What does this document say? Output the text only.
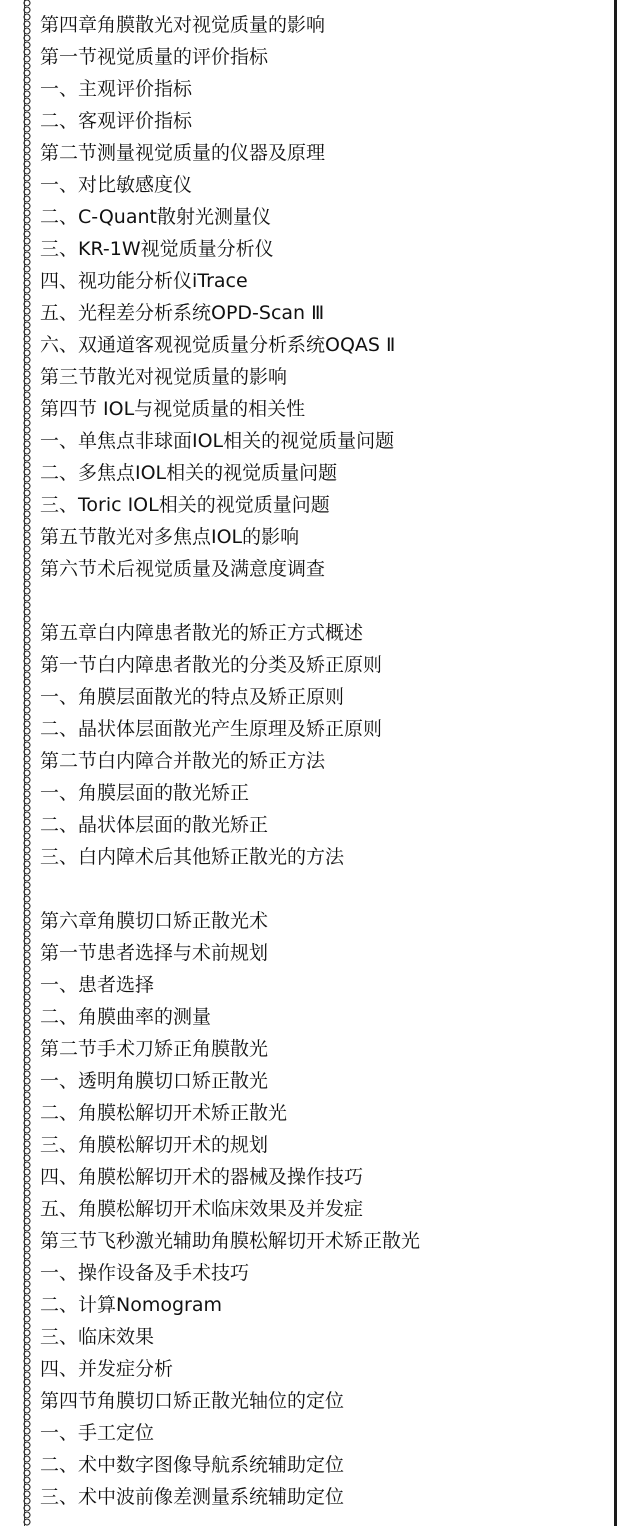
第四章角膜散光对视觉质量的影响
第一节视觉质量的评价指标
一、主观评价指标
二、客观评价指标
第二节测量视觉质量的仪器及原理
一、对比敏感度仪
二、C-Quant散射光测量仪
三、KR-1W视觉质量分析仪
四、视功能分析仪iTrace
五、光程差分析系统OPD-Scan Ⅲ
六、双通道客观视觉质量分析系统OQAS Ⅱ
第三节散光对视觉质量的影响
第四节 IOL与视觉质量的相关性
一、单焦点非球面IOL相关的视觉质量问题
二、多焦点IOL相关的视觉质量问题
三、Toric IOL相关的视觉质量问题
第五节散光对多焦点IOL的影响
第六节术后视觉质量及满意度调查
第五章白内障患者散光的矫正方式概述
第一节白内障患者散光的分类及矫正原则
一、角膜层面散光的特点及矫正原则
二、晶状体层面散光产生原理及矫正原则
第二节白内障合并散光的矫正方法
一、角膜层面的散光矫正
二、晶状体层面的散光矫正
三、白内障术后其他矫正散光的方法
第六章角膜切口矫正散光术
第一节患者选择与术前规划
一、患者选择
二、角膜曲率的测量
第二节手术刀矫正角膜散光
一、透明角膜切口矫正散光
二、角膜松解切开术矫正散光
三、角膜松解切开术的规划
四、角膜松解切开术的器械及操作技巧
五、角膜松解切开术临床效果及并发症
第三节飞秒激光辅助角膜松解切开术矫正散光
一、操作设备及手术技巧
二、计算Nomogram
三、临床效果
四、并发症分析
第四节角膜切口矫正散光轴位的定位
一、手工定位
二、术中数字图像导航系统辅助定位
三、术中波前像差测量系统辅助定位
